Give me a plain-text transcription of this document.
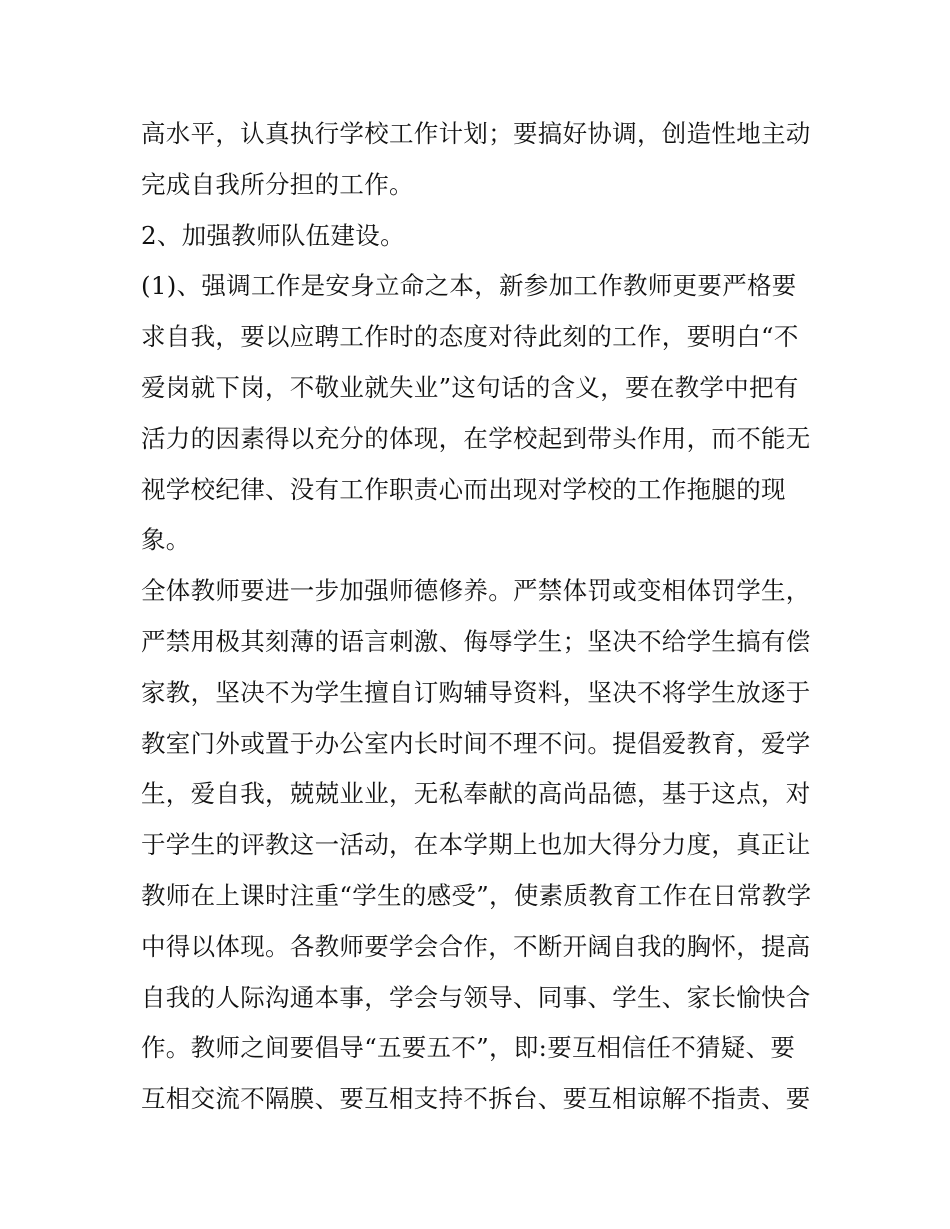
高水平，认真执行学校工作计划；要搞好协调，创造性地主动
完成自我所分担的工作。
2、加强教师队伍建设。
(1)、强调工作是安身立命之本，新参加工作教师更要严格要
求自我，要以应聘工作时的态度对待此刻的工作，要明白“不
爱岗就下岗，不敬业就失业”这句话的含义，要在教学中把有
活力的因素得以充分的体现，在学校起到带头作用，而不能无
视学校纪律、没有工作职责心而出现对学校的工作拖腿的现
象。
全体教师要进一步加强师德修养。严禁体罚或变相体罚学生，
严禁用极其刻薄的语言刺激、侮辱学生；坚决不给学生搞有偿
家教，坚决不为学生擅自订购辅导资料，坚决不将学生放逐于
教室门外或置于办公室内长时间不理不问。提倡爱教育，爱学
生，爱自我，兢兢业业，无私奉献的高尚品德，基于这点，对
于学生的评教这一活动，在本学期上也加大得分力度，真正让
教师在上课时注重“学生的感受”，使素质教育工作在日常教学
中得以体现。各教师要学会合作，不断开阔自我的胸怀，提高
自我的人际沟通本事，学会与领导、同事、学生、家长愉快合
作。教师之间要倡导“五要五不”，即:要互相信任不猜疑、要
互相交流不隔膜、要互相支持不拆台、要互相谅解不指责、要
